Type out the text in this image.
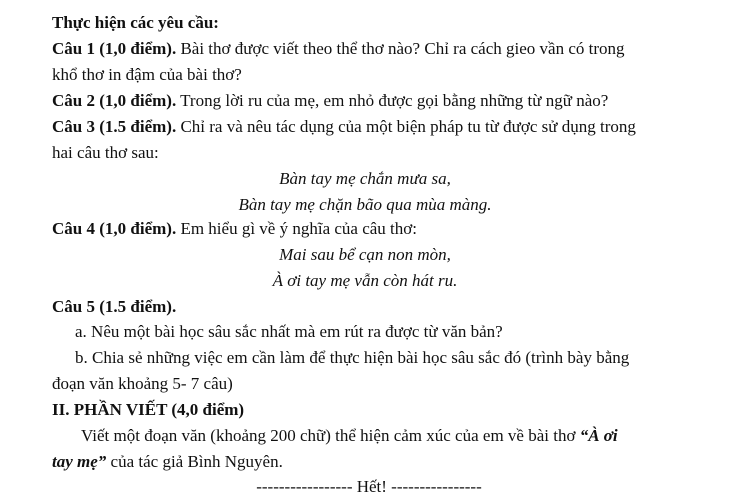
Thực hiện các yêu cầu:
Câu 1 (1,0 điểm). Bài thơ được viết theo thể thơ nào? Chỉ ra cách gieo vần có trong
khổ thơ in đậm của bài thơ?
Câu 2 (1,0 điểm). Trong lời ru của mẹ, em nhỏ được gọi bằng những từ ngữ nào?
Câu 3 (1.5 điểm). Chỉ ra và nêu tác dụng của một biện pháp tu từ được sử dụng trong
hai câu thơ sau:
Bàn tay mẹ chắn mưa sa,
Bàn tay mẹ chặn bão qua mùa màng.
Câu 4 (1,0 điểm). Em hiểu gì về ý nghĩa của câu thơ:
Mai sau bể cạn non mòn,
À ơi tay mẹ vẫn còn hát ru.
Câu 5 (1.5 điểm).
a. Nêu một bài học sâu sắc nhất mà em rút ra được từ văn bản?
b. Chia sẻ những việc em cần làm để thực hiện bài học sâu sắc đó (trình bày bằng
đoạn văn khoảng 5- 7 câu)
II. PHẦN VIẾT (4,0 điểm)
Viết một đoạn văn (khoảng 200 chữ) thể hiện cảm xúc của em về bài thơ “À ơi
tay mẹ” của tác giả Bình Nguyên.
----------------- Hết! ----------------
